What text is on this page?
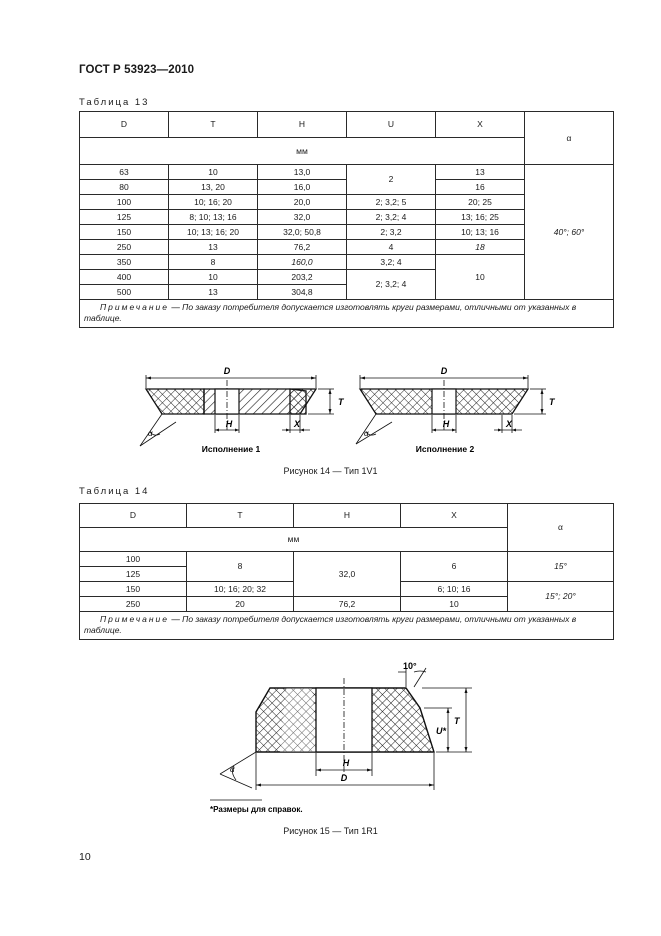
ГОСТ Р 53923—2010
Таблица 13
D	T	H	U	X	α
мм					
63	10	13,0	2	13	40°; 60°
80	13, 20	16,0		16	
100	10; 16; 20	20,0	2; 3,2; 5	20; 25	
125	8; 10; 13; 16	32,0	2; 3,2; 4	13; 16; 25	
150	10; 13; 16; 20	32,0; 50,8	2; 3,2	10; 13; 16	
250	13	76,2	4	18	
350	8	160,0	3,2; 4	10	
400	10	203,2	2; 3,2; 4		
500	13	304,8			
Примечание — По заказу потребителя допускается изготовлять круги размерами, отличными от указанных в таблице.					
D
T
H	X
α
Исполнение 1
D
T
H	X
α
Исполнение 2
Рисунок 14 — Тип 1V1
Таблица 14
D	T	H	X	α
мм				
100	8	32,0	6	15°
125				
150	10; 16; 20; 32		6; 10; 16	15°; 20°
250	20	76,2	10	
Примечание — По заказу потребителя допускается изготовлять круги размерами, отличными от указанных в таблице.				
10°
T
U*
H
D
α
*Размеры для справок.
Рисунок 15 — Тип 1R1
10
